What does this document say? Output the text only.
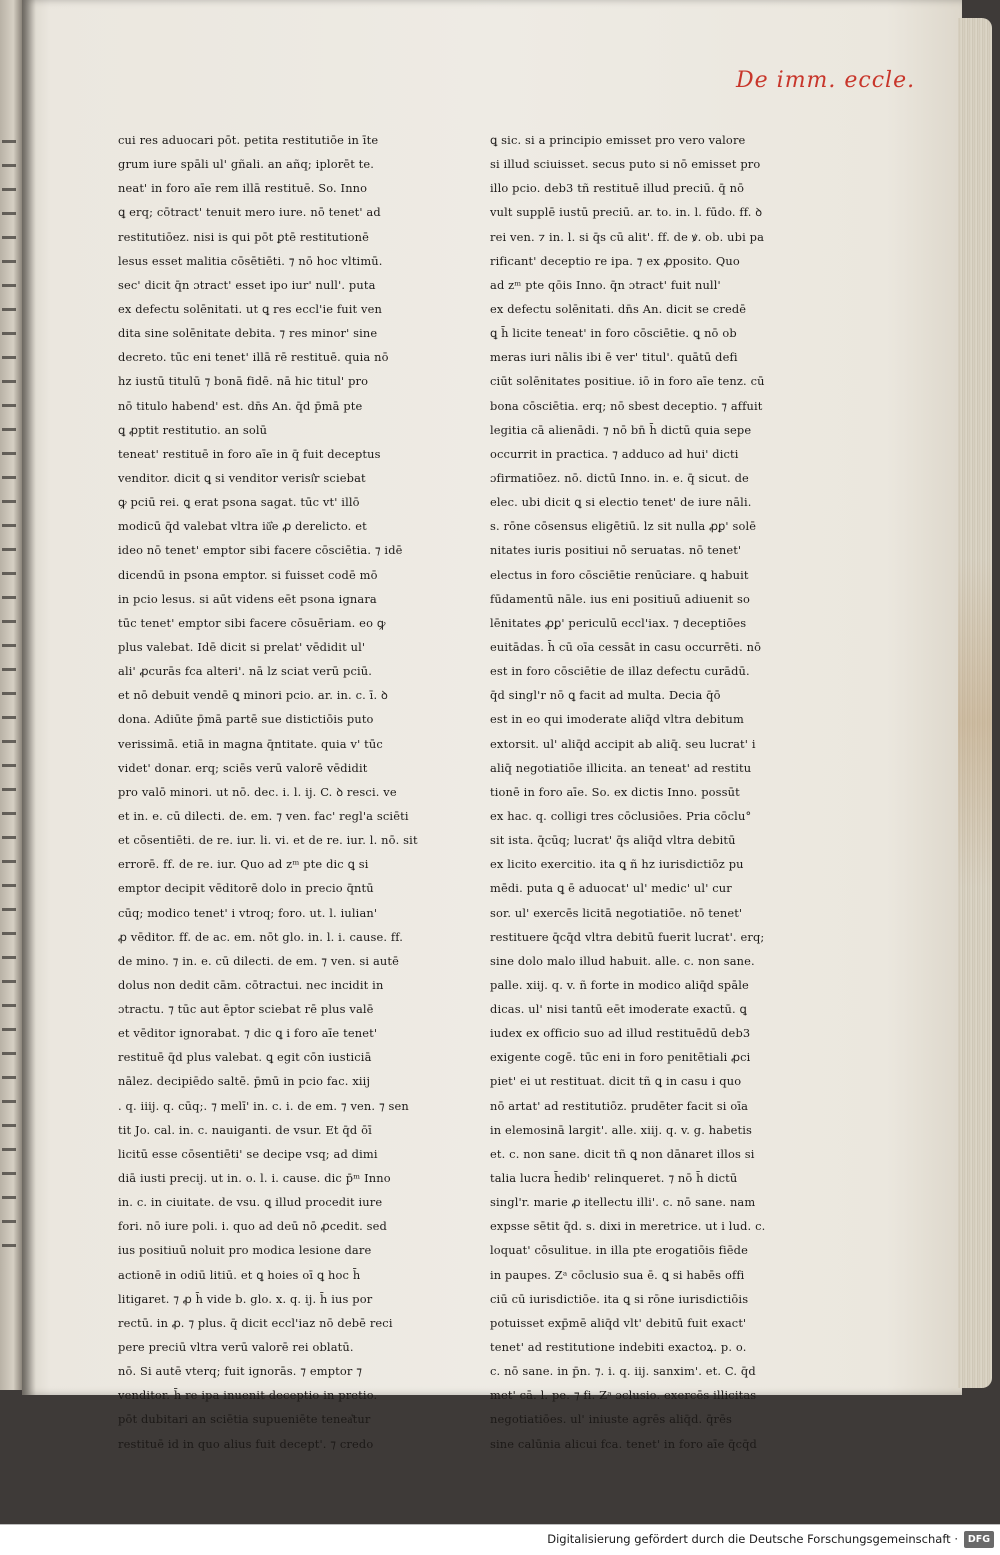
De imm. eccle.
cui res aduocari pōt. petita restitutiōe in īte
grum iure spāli ul' gñali. an añq; iplorēt te.
neat' in foro aīe rem illā restituē. So. Inno
ꝗ erq; cōtract' tenuit mero iure. nō tenet' ad
restitutiōez. nisi is qui pōt ꝑtē restitutionē
lesus esset malitia cōsētiēti. ⁊ nō hoc vltimū.
sec' dicit q̄n ɔtract' esset ipo iur' null'. puta
ex defectu solēnitati. ut ꝗ res eccl'ie fuit ven
dita sine solēnitate debita. ⁊ res minor' sine
decreto. tūc eni tenet' illā rē restituē. quia nō
hz iustū titulū ⁊ bonā fidē. nā hic titul' pro
nō titulo habend' est. dn̄s An. q̄d p̄mā pte
ꝗ ꝓptit restitutio. an solū
teneat' restituē in foro aīe in q̄ fuit deceptus
venditor. dicit ꝗ si venditor verisi͛r sciebat
ꝙ pciū rei. ꝗ erat psona sagat. tūc vt' illō
modicū q̄d valebat vltra iŭ͛e ꝓ derelicto. et
ideo nō tenet' emptor sibi facere cōsciētia. ⁊ idē
dicendū in psona emptor. si fuisset codē mō
in pcio lesus. si aūt videns eēt psona ignara
tūc tenet' emptor sibi facere cōsuēriam. eo ꝙ
plus valebat. Idē dicit si prelat' vēdidit ul'
ali' ꝓcurās fca alteri'. nā lz sciat verū pciū.
et nō debuit vendē ꝗ minori pcio. ar. in. c. ī. ꝺ
dona. Adiūte p̄mā partē sue distictiōis puto
verissimā. etiā in magna q̄ntitate. quia v' tūc
videt' donar. erq; sciēs verū valorē vēdidit
pro valō minori. ut nō. dec. i. l. ij. C. ꝺ resci. ve
et in. e. cū dilecti. de. em. ⁊ ven. fac' regl'a sciēti
et cōsentiēti. de re. iur. li. vi. et de re. iur. l. nō. sit
errorē. ff. de re. iur. Quo ad zᵐ pte dic ꝗ si
emptor decipit vēditorē dolo in precio q̄ntū
cūq; modico tenet' i vtroq; foro. ut. l. iulian'
ꝓ vēditor. ff. de ac. em. nōt glo. in. l. i. cause. ff.
de mino. ⁊ in. e. cū dilecti. de em. ⁊ ven. si autē
dolus non dedit cām. cōtractui. nec incidit in
ɔtractu. ⁊ tūc aut ēptor sciebat rē plus valē
et vēditor ignorabat. ⁊ dic ꝗ i foro aīe tenet'
restituē q̄d plus valebat. ꝗ egit cōn iusticiā
nālez. decipiēdo saltē. p̄mū in pcio fac. xiij
. q. iiij. q. cūq;. ⁊ melī' in. c. i. de em. ⁊ ven. ⁊ sen
tit Jo. cal. in. c. nauiganti. de vsur. Et q̄d ōī
licitū esse cōsentiēti' se decipe vsq; ad dimi
diā iusti precij. ut in. o. l. i. cause. dic p̄ᵐ Inno
in. c. in ciuitate. de vsu. ꝗ illud procedit iure
fori. nō iure poli. i. quo ad deū nō ꝓcedit. sed
ius positiuū noluit pro modica lesione dare
actionē in odiū litiū. et ꝗ hoies oī ꝗ hoc h̄
litigaret. ⁊ ꝓ h̄ vide b. glo. x. q. ij. h̄ ius por
rectū. in ꝓ. ⁊ plus. q̄ dicit eccl'iaz nō debē reci
pere preciū vltra verū valorē rei oblatū.
nō. Si autē vterq; fuit ignorās. ⁊ emptor ⁊
venditor. h̄ re ipa inuenit deceptio in pretio.
pōt dubitari an sciētia supueniēte tenea͛tur
restituē id in quo alius fuit decept'. ⁊ credo
ꝗ sic. si a principio emisset pro vero valore
si illud sciuisset. secus puto si nō emisset pro
illo pcio. deb3 tñ restituē illud preciū. q̄ nō
vult supplē iustū preciū. ar. to. in. l. fūdo. ff. ꝺ
rei ven. ⁊ in. l. si q̄s cū alit'. ff. de ꝟ. ob. ubi pa
rificant' deceptio re ipa. ⁊ ex ꝓposito. Quo
ad zᵐ pte qōis Inno. q̄n ɔtract' fuit null'
ex defectu solēnitati. dn̄s An. dicit se credē
ꝗ h̄ licite teneat' in foro cōsciētie. ꝗ nō ob
meras iuri nālis ibi ē ver' titul'. quātū defi
ciūt solēnitates positiue. iō in foro aīe tenz. cū
bona cōsciētia. erq; nō sbest deceptio. ⁊ affuit
legitia cā alienādi. ⁊ nō bn̄ h̄ dictū quia sepe
occurrit in practica. ⁊ adduco ad hui' dicti
ɔfirmatiōez. nō. dictū Inno. in. e. q̄ sicut. de
elec. ubi dicit ꝗ si electio tenet' de iure nāli.
s. rōne cōsensus eligētiū. lz sit nulla ꝓꝑ' solē
nitates iuris positiui nō seruatas. nō tenet'
electus in foro cōsciētie renūciare. ꝗ habuit
fūdamentū nāle. ius eni positiuū adiuenit so
lēnitates ꝓꝑ' periculū eccl'iax. ⁊ deceptiōes
euitādas. h̄ cū oīa cessāt in casu occurrēti. nō
est in foro cōsciētie de illaz defectu curādū.
q̄d singl'r nō ꝗ facit ad multa. Decia q̄ō
est in eo qui imoderate aliq̄d vltra debitum
extorsit. ul' aliq̄d accipit ab aliq̄. seu lucrat' i
aliq̄ negotiatiōe illicita. an teneat' ad restitu
tionē in foro aīe. So. ex dictis Inno. possūt
ex hac. q. colligi tres cōclusiōes. Pria cōclu°
sit ista. q̄cūq; lucrat' q̄s aliq̄d vltra debitū
ex licito exercitio. ita ꝗ ñ hz iurisdictiōz pu
mēdi. puta ꝗ ē aduocat' ul' medic' ul' cur
sor. ul' exercēs licitā negotiatiōe. nō tenet'
restituere q̄cq̄d vltra debitū fuerit lucrat'. erq;
sine dolo malo illud habuit. alle. c. non sane.
palle. xiij. q. v. ñ forte in modico aliq̄d spāle
dicas. ul' nisi tantū eēt imoderate exactū. ꝗ
iudex ex officio suo ad illud restituēdū deb3
exigente cogē. tūc eni in foro penitētiali ꝓci
piet' ei ut restituat. dicit tñ ꝗ in casu i quo
nō artat' ad restitutiōz. prudēter facit si oīa
in elemosinā largit'. alle. xiij. q. v. g. habetis
et. c. non sane. dicit tñ ꝗ non dānaret illos si
talia lucra h̄edib' relinqueret. ⁊ nō h̄ dictū
singl'r. marie ꝓ itellectu illi'. c. nō sane. nam
expsse sētit q̄d. s. dixi in meretrice. ut i lud. c.
loquat' cōsulitue. in illa pte erogatiōis fiēde
in paupes. Zᵃ cōclusio sua ē. ꝗ si habēs offi
ciū cū iurisdictiōe. ita ꝗ si rōne iurisdictiōis
potuisset exp̄mē aliq̄d vlt' debitū fuit exact'
tenet' ad restitutione indebiti exactoꝝ. p. o.
c. nō sane. in p̄n. ⁊. i. q. iij. sanxim'. et. C. q̄d
met' cā. l. pe. ⁊ fi. Zᵃ ɔclusio. exercēs illicitas
negotiatiōes. ul' iniuste agrēs aliq̄d. q̄rēs
sine calūnia alicui fca. tenet' in foro aīe q̄cq̄d
Digitalisierung gefördert durch die Deutsche Forschungsgemeinschaft ·	DFG
